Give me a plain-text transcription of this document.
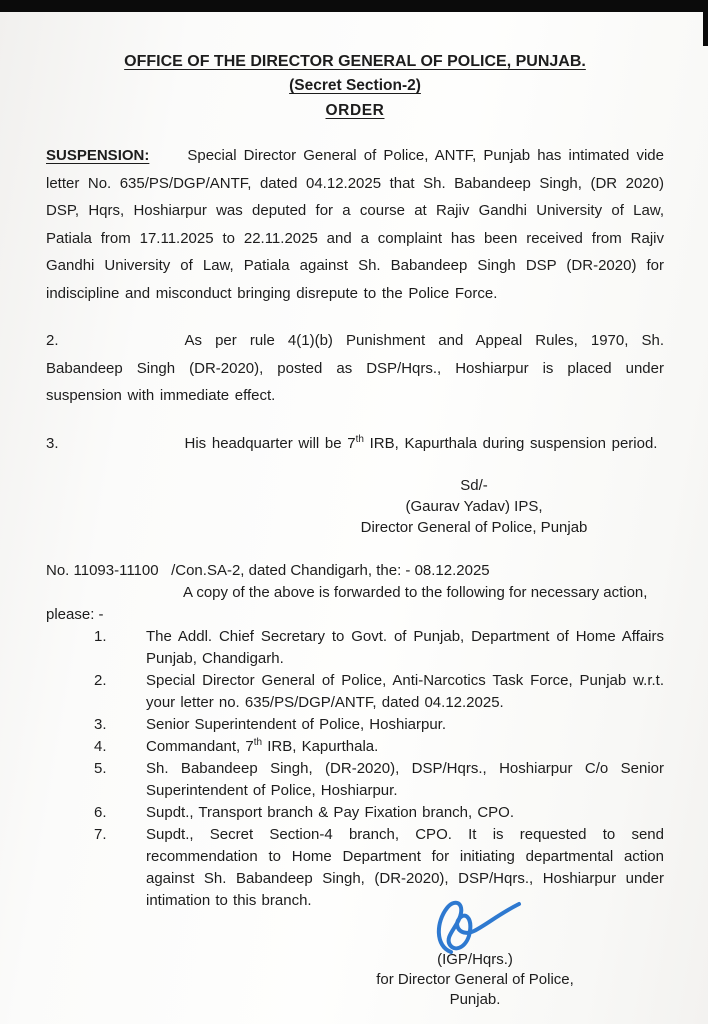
OFFICE OF THE DIRECTOR GENERAL OF POLICE, PUNJAB.
(Secret Section-2)
ORDER

SUSPENSION:	Special Director General of Police, ANTF, Punjab has intimated vide letter No. 635/PS/DGP/ANTF, dated 04.12.2025 that Sh. Babandeep Singh, (DR 2020) DSP, Hqrs, Hoshiarpur was deputed for a course at Rajiv Gandhi University of Law, Patiala from 17.11.2025 to 22.11.2025 and a complaint has been received from Rajiv Gandhi University of Law, Patiala against Sh. Babandeep Singh DSP (DR-2020) for indiscipline and misconduct bringing disrepute to the Police Force.

2.	As per rule 4(1)(b) Punishment and Appeal Rules, 1970, Sh. Babandeep Singh (DR-2020), posted as DSP/Hqrs., Hoshiarpur is placed under suspension with immediate effect.

3.	His headquarter will be 7th IRB, Kapurthala during suspension period.

Sd/-
(Gaurav Yadav) IPS,
Director General of Police, Punjab
No. 11093-11100   /Con.SA-2, dated Chandigarh, the: - 08.12.2025
A copy of the above is forwarded to the following for necessary action,
please: -
1.	The Addl. Chief Secretary to Govt. of Punjab, Department of Home Affairs Punjab, Chandigarh.
2.	Special Director General of Police, Anti-Narcotics Task Force, Punjab w.r.t. your letter no. 635/PS/DGP/ANTF, dated 04.12.2025.
3.	Senior Superintendent of Police, Hoshiarpur.
4.	Commandant, 7th IRB, Kapurthala.
5.	Sh. Babandeep Singh, (DR-2020), DSP/Hqrs., Hoshiarpur C/o Senior Superintendent of Police, Hoshiarpur.
6.	Supdt., Transport branch & Pay Fixation branch, CPO.
7.	Supdt., Secret Section-4 branch, CPO. It is requested to send recommendation to Home Department for initiating departmental action against Sh. Babandeep Singh, (DR-2020), DSP/Hqrs., Hoshiarpur under intimation to this branch.
(IGP/Hqrs.)
for Director General of Police,
Punjab.
